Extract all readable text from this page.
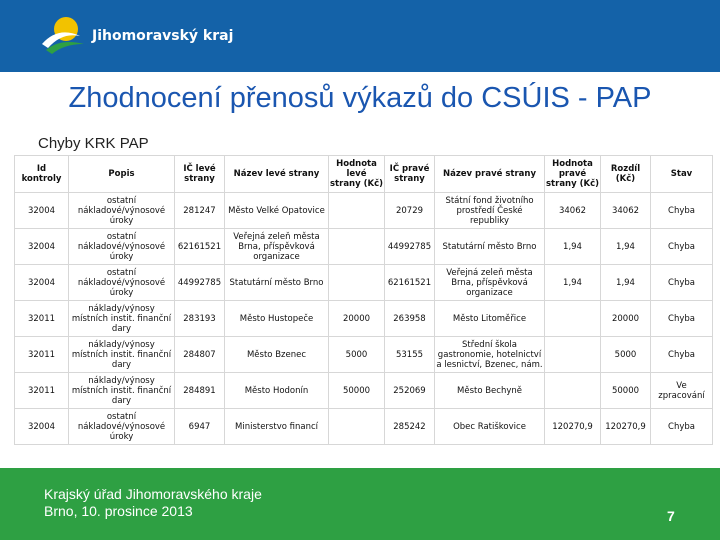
Jihomoravský kraj
Zhodnocení přenosů výkazů do CSÚIS - PAP
Chyby KRK PAP
Id kontroly	Popis	IČ levé strany	Název levé strany	Hodnota levé strany (Kč)	IČ pravé strany	Název pravé strany	Hodnota pravé strany (Kč)	Rozdíl (Kč)	Stav
32004	ostatní nákladové/výnosové úroky	281247	Město Velké Opatovice		20729	Státní fond životního prostředí České republiky	34062	34062	Chyba
32004	ostatní nákladové/výnosové úroky	62161521	Veřejná zeleň města Brna, příspěvková organizace		44992785	Statutární město Brno	1,94	1,94	Chyba
32004	ostatní nákladové/výnosové úroky	44992785	Statutární město Brno		62161521	Veřejná zeleň města Brna, příspěvková organizace	1,94	1,94	Chyba
32011	náklady/výnosy místních instit. finanční dary	283193	Město Hustopeče	20000	263958	Město Litoměřice		20000	Chyba
32011	náklady/výnosy místních instit. finanční dary	284807	Město Bzenec	5000	53155	Střední škola gastronomie, hotelnictví a lesnictví, Bzenec, nám.		5000	Chyba
32011	náklady/výnosy místních instit. finanční dary	284891	Město Hodonín	50000	252069	Město Bechyně		50000	Ve zpracování
32004	ostatní nákladové/výnosové úroky	6947	Ministerstvo financí		285242	Obec Ratiškovice	120270,9	120270,9	Chyba
Krajský úřad Jihomoravského kraje
Brno, 10. prosince 2013	7
